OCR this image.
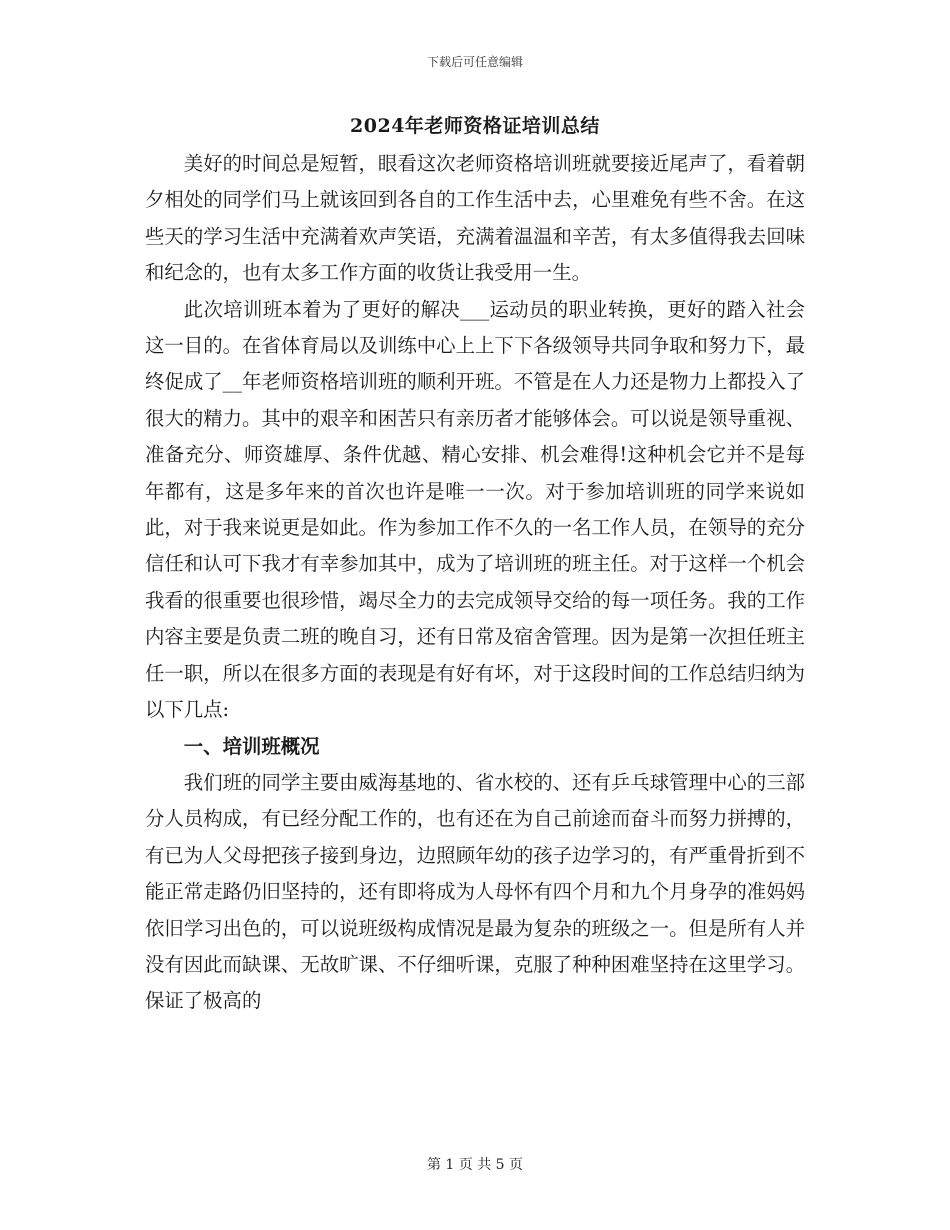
下载后可任意编辑
2024年老师资格证培训总结

美好的时间总是短暂，眼看这次老师资格培训班就要接近尾声了，看着朝夕相处的同学们马上就该回到各自的工作生活中去，心里难免有些不舍。在这些天的学习生活中充满着欢声笑语，充满着温温和辛苦，有太多值得我去回味和纪念的，也有太多工作方面的收货让我受用一生。

此次培训班本着为了更好的解决___运动员的职业转换，更好的踏入社会这一目的。在省体育局以及训练中心上上下下各级领导共同争取和努力下，最终促成了__年老师资格培训班的顺利开班。不管是在人力还是物力上都投入了很大的精力。其中的艰辛和困苦只有亲历者才能够体会。可以说是领导重视、准备充分、师资雄厚、条件优越、精心安排、机会难得!这种机会它并不是每年都有，这是多年来的首次也许是唯一一次。对于参加培训班的同学来说如此，对于我来说更是如此。作为参加工作不久的一名工作人员，在领导的充分信任和认可下我才有幸参加其中，成为了培训班的班主任。对于这样一个机会我看的很重要也很珍惜，竭尽全力的去完成领导交给的每一项任务。我的工作内容主要是负责二班的晚自习，还有日常及宿舍管理。因为是第一次担任班主任一职，所以在很多方面的表现是有好有坏，对于这段时间的工作总结归纳为以下几点:

一、培训班概况

我们班的同学主要由威海基地的、省水校的、还有乒乓球管理中心的三部分人员构成，有已经分配工作的，也有还在为自己前途而奋斗而努力拼搏的，有已为人父母把孩子接到身边，边照顾年幼的孩子边学习的，有严重骨折到不能正常走路仍旧坚持的，还有即将成为人母怀有四个月和九个月身孕的准妈妈依旧学习出色的，可以说班级构成情况是最为复杂的班级之一。但是所有人并没有因此而缺课、无故旷课、不仔细听课，克服了种种困难坚持在这里学习。保证了极高的

第 1 页 共 5 页
